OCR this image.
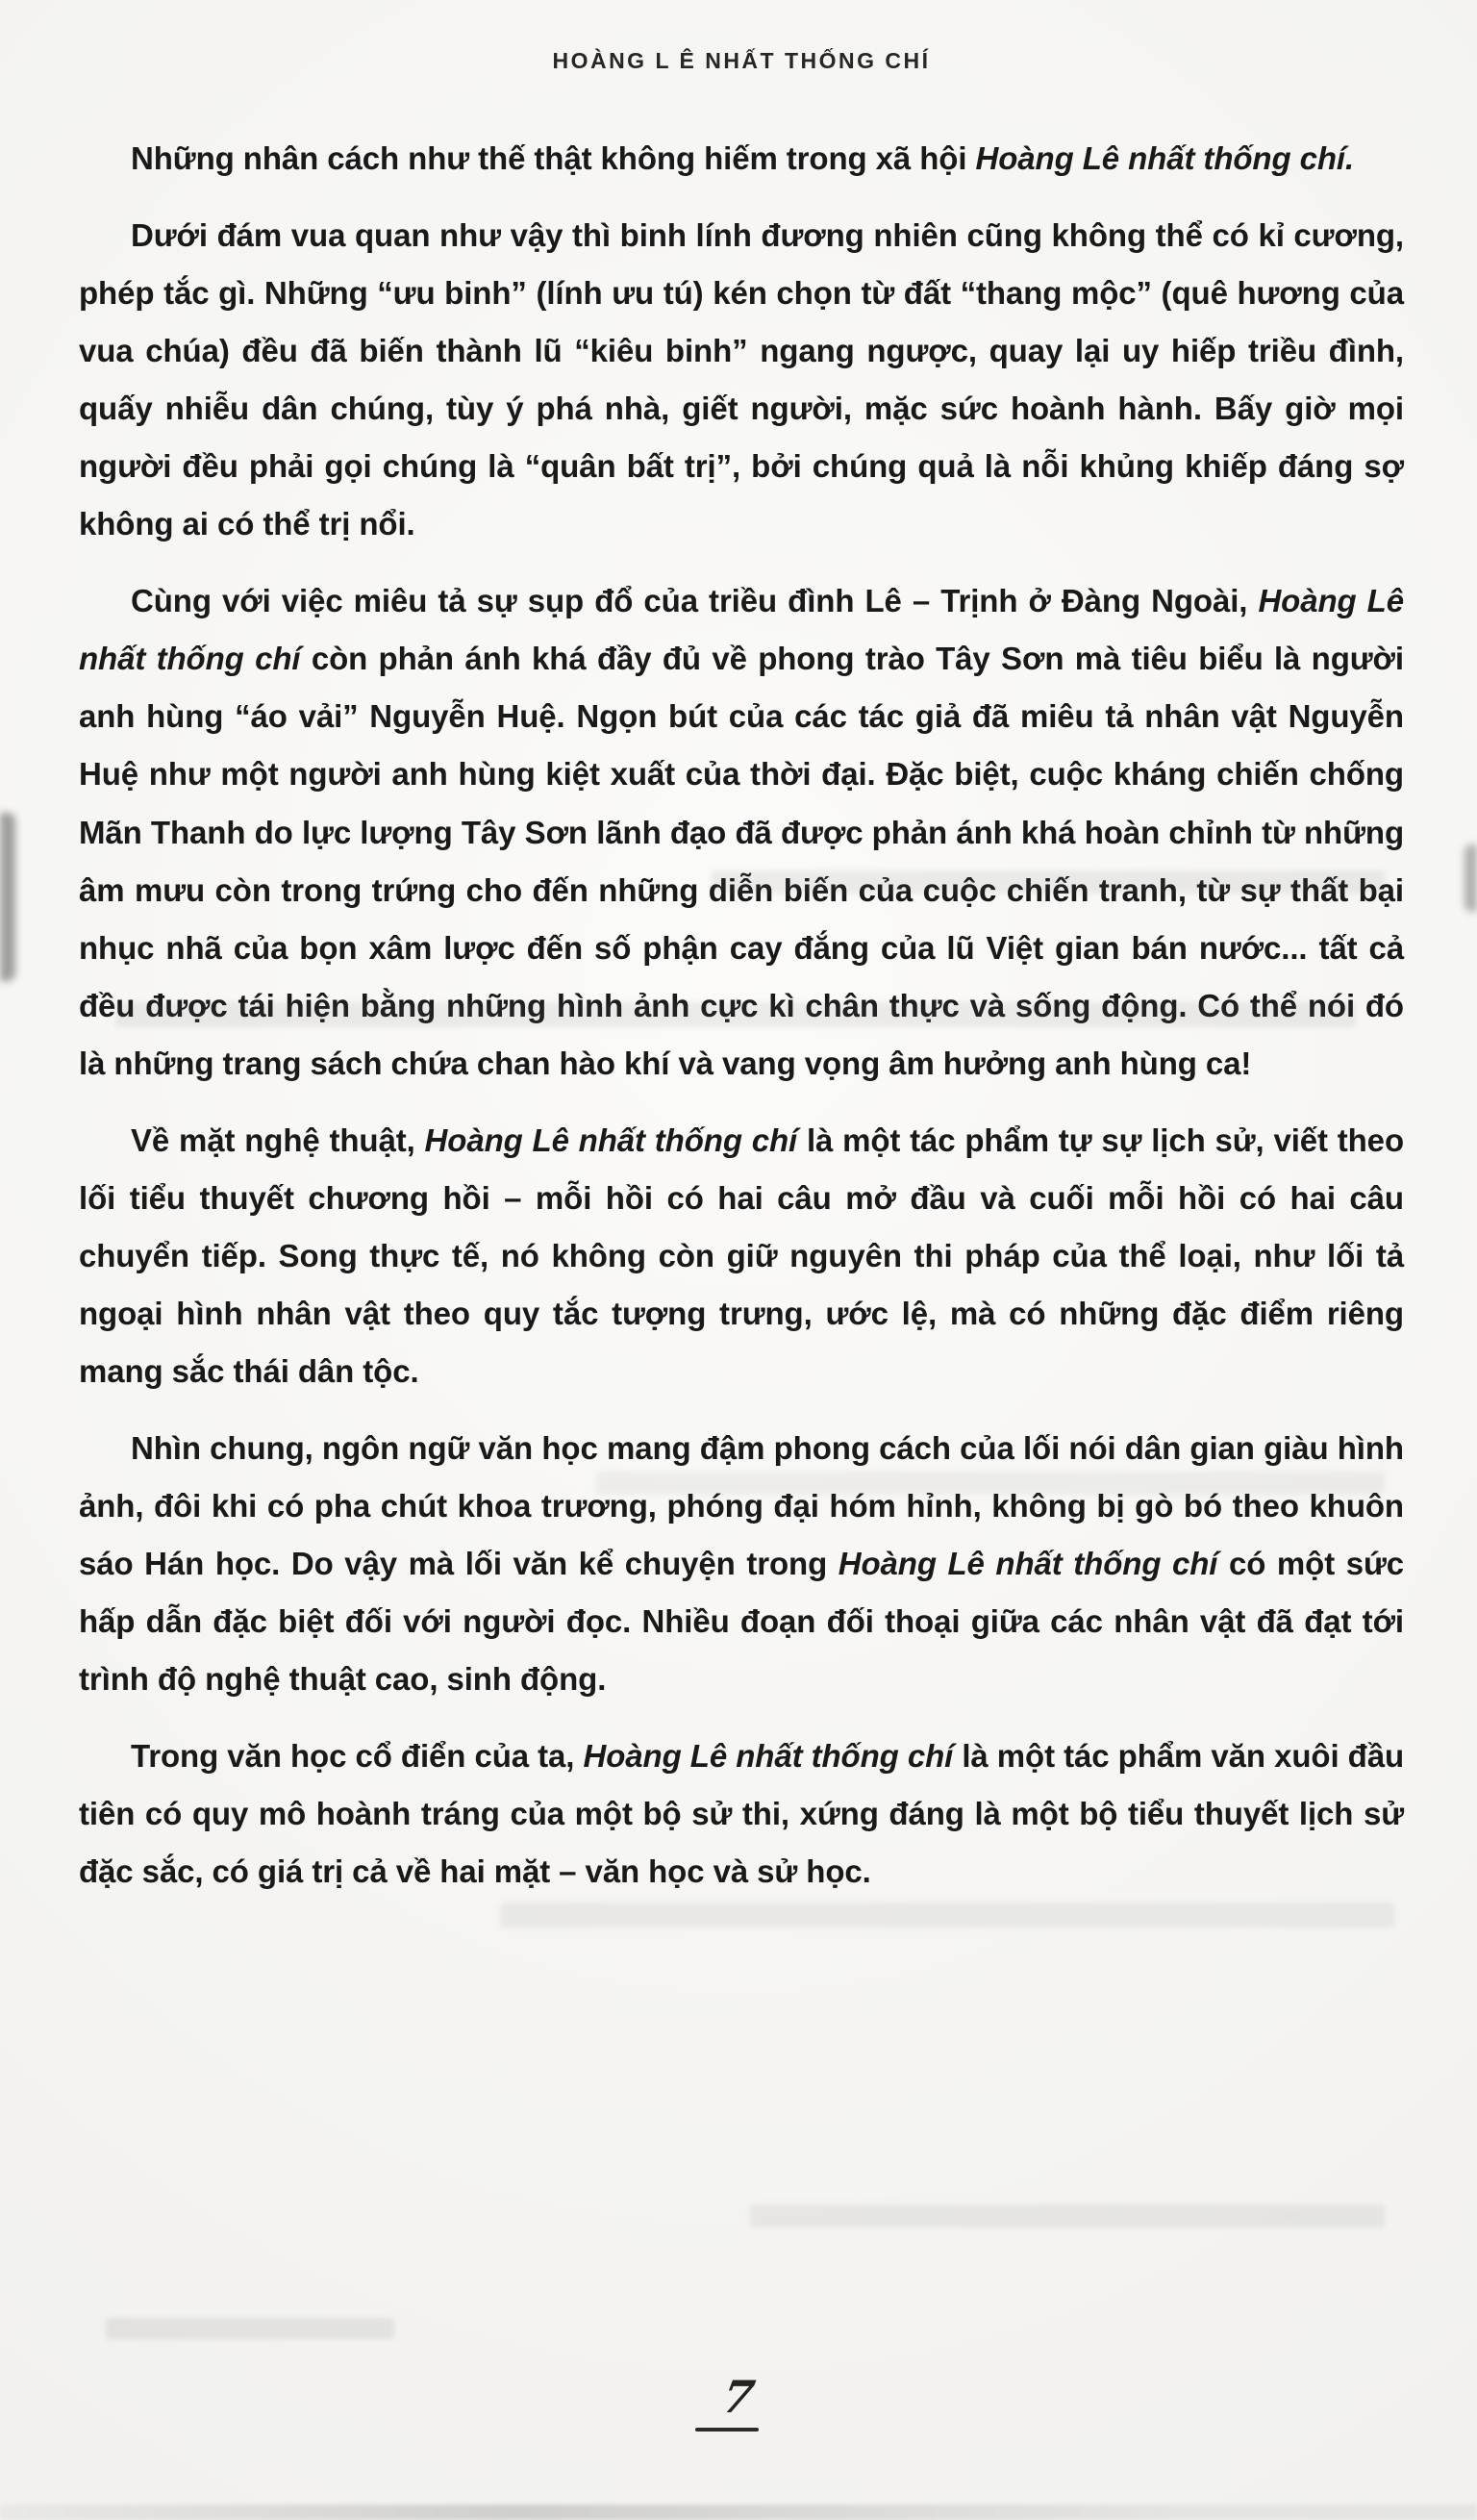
HOÀNG L Ê NHẤT THỐNG CHÍ

Những nhân cách như thế thật không hiếm trong xã hội Hoàng Lê nhất thống chí.

Dưới đám vua quan như vậy thì binh lính đương nhiên cũng không thể có kỉ cương, phép tắc gì. Những “ưu binh” (lính ưu tú) kén chọn từ đất “thang mộc” (quê hương của vua chúa) đều đã biến thành lũ “kiêu binh” ngang ngược, quay lại uy hiếp triều đình, quấy nhiễu dân chúng, tùy ý phá nhà, giết người, mặc sức hoành hành. Bấy giờ mọi người đều phải gọi chúng là “quân bất trị”, bởi chúng quả là nỗi khủng khiếp đáng sợ không ai có thể trị nổi.

Cùng với việc miêu tả sự sụp đổ của triều đình Lê – Trịnh ở Đàng Ngoài, Hoàng Lê nhất thống chí còn phản ánh khá đầy đủ về phong trào Tây Sơn mà tiêu biểu là người anh hùng “áo vải” Nguyễn Huệ. Ngọn bút của các tác giả đã miêu tả nhân vật Nguyễn Huệ như một người anh hùng kiệt xuất của thời đại. Đặc biệt, cuộc kháng chiến chống Mãn Thanh do lực lượng Tây Sơn lãnh đạo đã được phản ánh khá hoàn chỉnh từ những âm mưu còn trong trứng cho đến những diễn biến của cuộc chiến tranh, từ sự thất bại nhục nhã của bọn xâm lược đến số phận cay đắng của lũ Việt gian bán nước... tất cả đều được tái hiện bằng những hình ảnh cực kì chân thực và sống động. Có thể nói đó là những trang sách chứa chan hào khí và vang vọng âm hưởng anh hùng ca!

Về mặt nghệ thuật, Hoàng Lê nhất thống chí là một tác phẩm tự sự lịch sử, viết theo lối tiểu thuyết chương hồi – mỗi hồi có hai câu mở đầu và cuối mỗi hồi có hai câu chuyển tiếp. Song thực tế, nó không còn giữ nguyên thi pháp của thể loại, như lối tả ngoại hình nhân vật theo quy tắc tượng trưng, ước lệ, mà có những đặc điểm riêng mang sắc thái dân tộc.

Nhìn chung, ngôn ngữ văn học mang đậm phong cách của lối nói dân gian giàu hình ảnh, đôi khi có pha chút khoa trương, phóng đại hóm hỉnh, không bị gò bó theo khuôn sáo Hán học. Do vậy mà lối văn kể chuyện trong Hoàng Lê nhất thống chí có một sức hấp dẫn đặc biệt đối với người đọc. Nhiều đoạn đối thoại giữa các nhân vật đã đạt tới trình độ nghệ thuật cao, sinh động.

Trong văn học cổ điển của ta, Hoàng Lê nhất thống chí là một tác phẩm văn xuôi đầu tiên có quy mô hoành tráng của một bộ sử thi, xứng đáng là một bộ tiểu thuyết lịch sử đặc sắc, có giá trị cả về hai mặt – văn học và sử học.

7
